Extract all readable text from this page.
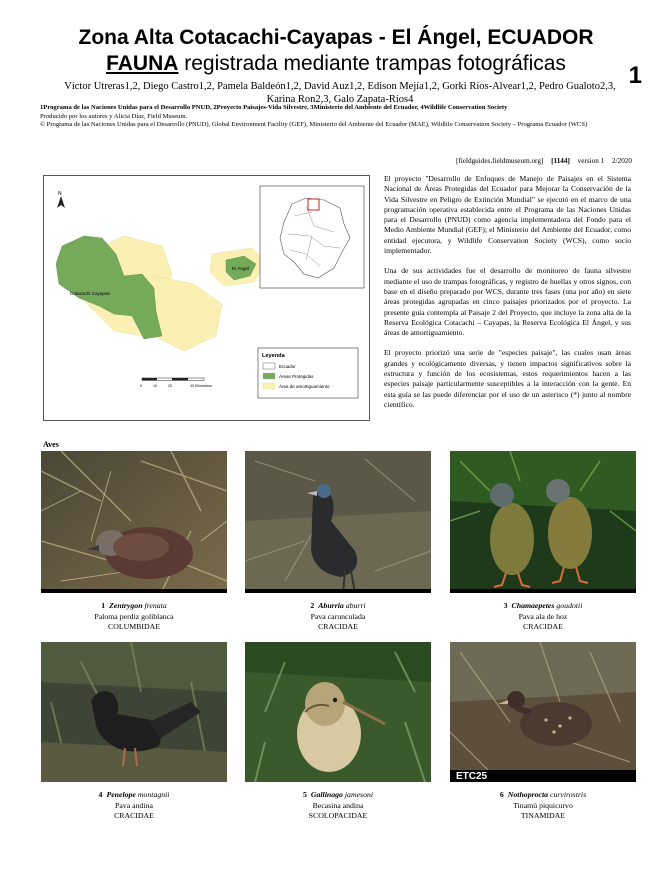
Zona Alta Cotacachi-Cayapas - El Ángel, ECUADOR
FAUNA registrada mediante trampas fotográficas	1
Víctor Utreras1,2, Diego Castro1,2, Pamela Baldeón1,2, David Auz1,2, Edison Mejía1,2, Gorki Ríos-Alvear1,2, Pedro Gualoto2,3,
Karina Ron2,3, Galo Zapata-Ríos4
1Programa de las Naciones Unidas para el Desarrollo PNUD, 2Proyecto Paisajes-Vida Silvestre, 3Ministerio del Ambiente del Ecuador, 4Wildlife Conservation Society
Producido por los autores y Alicia Díaz, Field Museum.
© Programa de las Naciones Unidas para el Desarrollo (PNUD), Global Environment Facility (GEF), Ministerio del Ambiente del Ecuador (MAE), Wildlife Conservation Society – Programa Ecuador (WCS)
[fieldguides.fieldmuseum.org] [1144] version 1 2/2020
N
Cotacachi Cayapas
El Ángel
0	10	20	40 Kilómetros
Leyenda
Ecuador
Áreas Protegidas
Área de amortiguamiento

El proyecto "Desarrollo de Enfoques de Manejo de Paisajes en el Sistema Nacional de Áreas Protegidas del Ecuador para Mejorar la Conservación de la Vida Silvestre en Peligro de Extinción Mundial" se ejecutó en el marco de una programación operativa establecida entre el Programa de las Naciones Unidas para el Desarrollo (PNUD) como agencia implementadora del Fondo para el Medio Ambiente Mundial (GEF); el Ministerio del Ambiente del Ecuador, como entidad ejecutora, y Wildlife Conservation Society (WCS), como socio implementador.

Una de sus actividades fue el desarrollo de monitoreo de fauna silvestre mediante el uso de trampas fotográficas, y registro de huellas y otros signos, con base en el diseño preparado por WCS, durante tres fases (una por año) en siete áreas protegidas agrupadas en cinco paisajes priorizados por el proyecto. La presente guía contempla al Paisaje 2 del Proyecto, que incluye la zona alta de la Reserva Ecológica Cotacachi – Cayapas, la Reserva Ecológica El Ángel, y sus áreas de amortiguamiento.

El proyecto priorizó una serie de "especies paisaje", las cuales usan áreas grandes y ecológicamente diversas, y tienen impactos significativos sobre la estructura y función de los ecosistemas, estos requerimientos hacen a las especies paisaje particularmente susceptibles a la interacción con la gente. En esta guía se las puede diferenciar por el uso de un asterisco (*) junto al nombre científico.

Aves
1 Zentrygon frenata
Paloma perdiz goliblanca
COLUMBIDAE
2 Aburria aburri
Pava carunculada
CRACIDAE
3 Chamaepetes goudotii
Pava ala de hoz
CRACIDAE
ETC25
4 Penelope montagnii
Pava andina
CRACIDAE
5 Gallinago jamesoni
Becasina andina
SCOLOPACIDAE
6 Nothoprocta curvirostris
Tinamú piquicurvo
TINAMIDAE
